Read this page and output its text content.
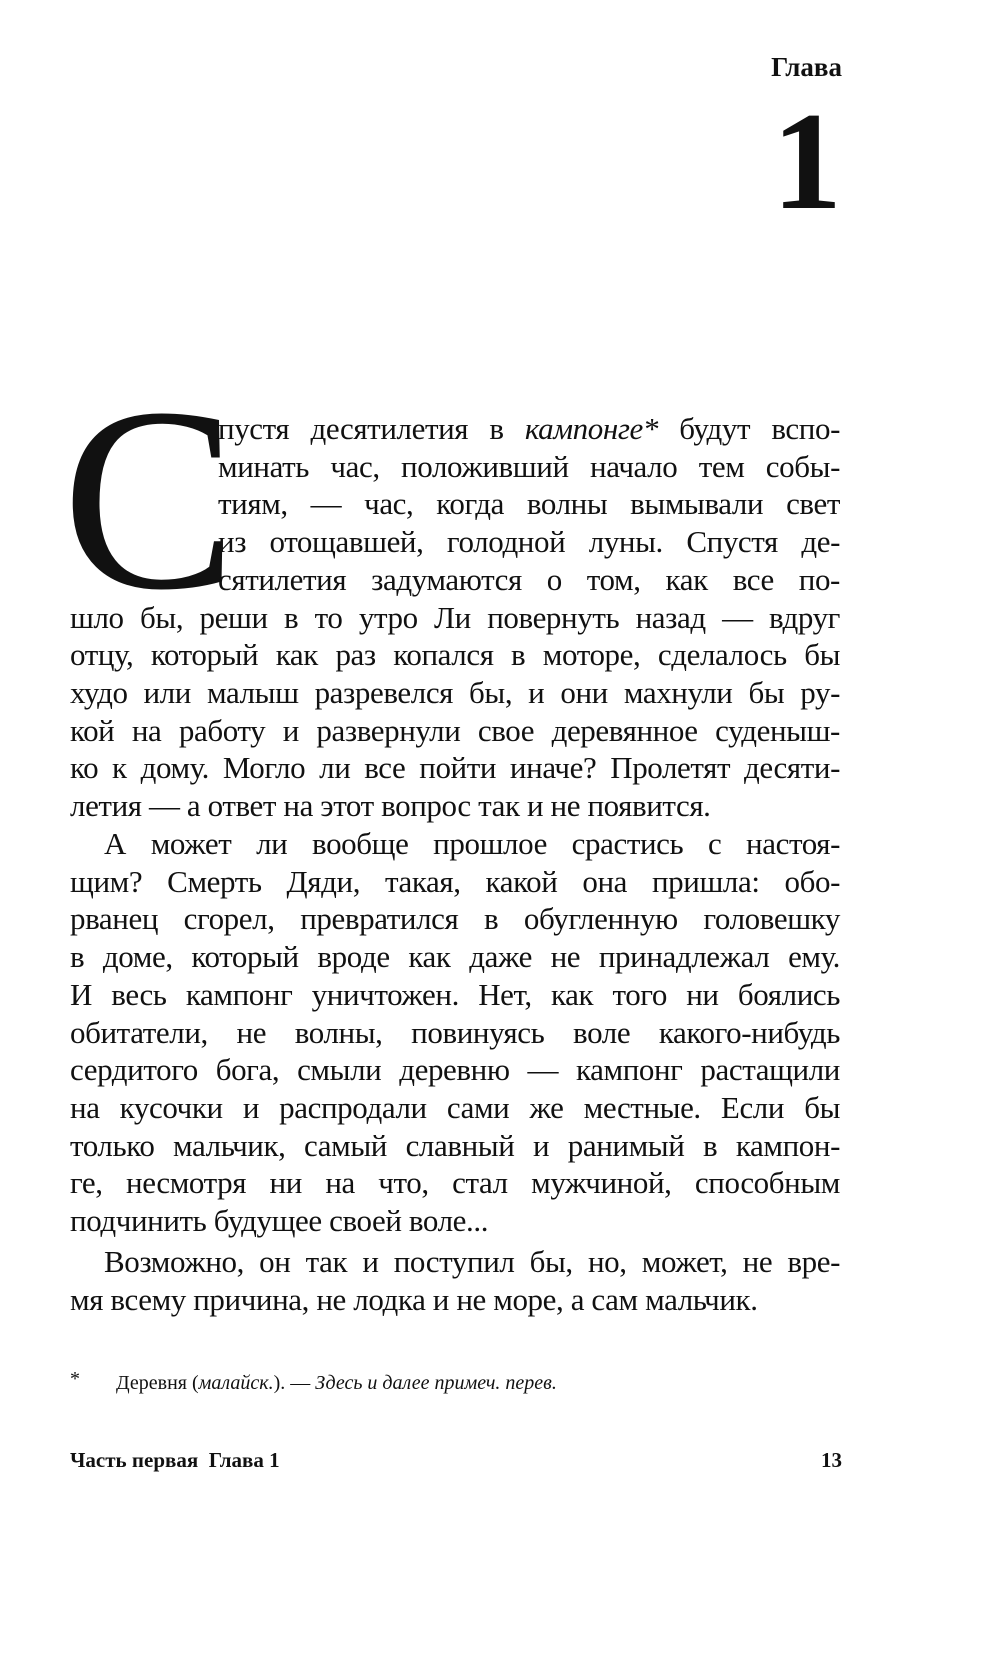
Глава
1
С
пустя десятилетия в кампонге* будут вспо-
минать час, положивший начало тем собы-
тиям, — час, когда волны вымывали свет
из отощавшей, голодной луны. Спустя де-
сятилетия задумаются о том, как все по-
шло бы, реши в то утро Ли повернуть назад — вдруг
отцу, который как раз копался в моторе, сделалось бы
худо или малыш разревелся бы, и они махнули бы ру-
кой на работу и развернули свое деревянное суденыш-
ко к дому. Могло ли все пойти иначе? Пролетят десяти-
летия — а ответ на этот вопрос так и не появится.
А может ли вообще прошлое срастись с настоя-
щим? Смерть Дяди, такая, какой она пришла: обо-
рванец сгорел, превратился в обугленную головешку
в доме, который вроде как даже не принадлежал ему.
И весь кампонг уничтожен. Нет, как того ни боялись
обитатели, не волны, повинуясь воле какого-нибудь
сердитого бога, смыли деревню — кампонг растащили
на кусочки и распродали сами же местные. Если бы
только мальчик, самый славный и ранимый в кампон-
ге, несмотря ни на что, стал мужчиной, способным
подчинить будущее своей воле...
Возможно, он так и поступил бы, но, может, не вре-
мя всему причина, не лодка и не море, а сам мальчик.
* Деревня (малайск.). — Здесь и далее примеч. перев.
Часть первая  Глава 1	13
